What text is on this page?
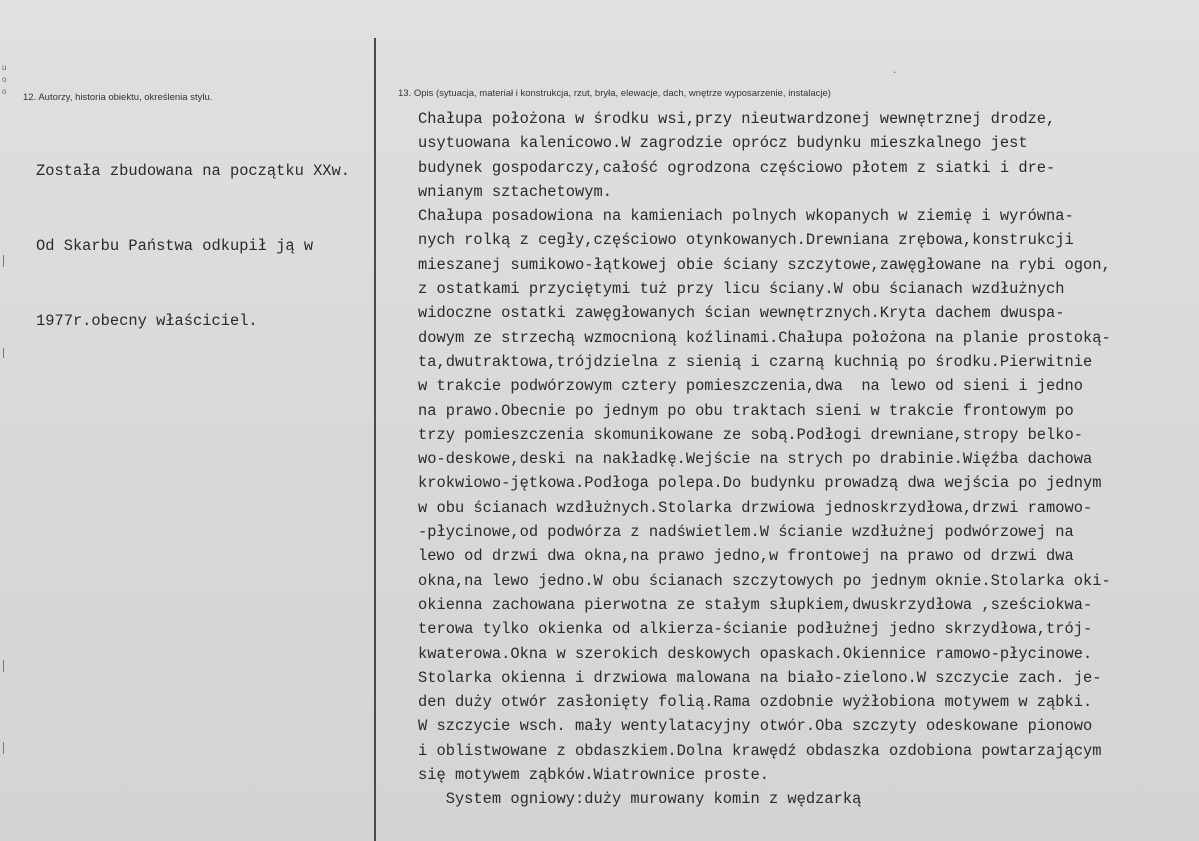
u
o
o
·
12. Autorzy, historia obiektu, określenia stylu.

Została zbudowana na początku XXw.

Od Skarbu Państwa odkupił ją w

1977r.obecny właściciel.

13. Opis (sytuacja, materiał i konstrukcja, rzut, bryła, elewacje, dach, wnętrze wyposarzenie, instalacje)
Chałupa położona w środku wsi,przy nieutwardzonej wewnętrznej drodze,
usytuowana kalenicowo.W zagrodzie oprócz budynku mieszkalnego jest
budynek gospodarczy,całość ogrodzona częściowo płotem z siatki i dre-
wnianym sztachetowym.
Chałupa posadowiona na kamieniach polnych wkopanych w ziemię i wyrówna-
nych rolką z cegły,częściowo otynkowanych.Drewniana zrębowa,konstrukcji
mieszanej sumikowo-łątkowej obie ściany szczytowe,zawęgłowane na rybi ogon,
z ostatkami przyciętymi tuż przy licu ściany.W obu ścianach wzdłużnych
widoczne ostatki zawęgłowanych ścian wewnętrznych.Kryta dachem dwuspa-
dowym ze strzechą wzmocnioną koźlinami.Chałupa położona na planie prostoką-
ta,dwutraktowa,trójdzielna z sienią i czarną kuchnią po środku.Pierwitnie
w trakcie podwórzowym cztery pomieszczenia,dwa  na lewo od sieni i jedno
na prawo.Obecnie po jednym po obu traktach sieni w trakcie frontowym po
trzy pomieszczenia skomunikowane ze sobą.Podłogi drewniane,stropy belko-
wo-deskowe,deski na nakładkę.Wejście na strych po drabinie.Więźba dachowa
krokwiowo-jętkowa.Podłoga polepa.Do budynku prowadzą dwa wejścia po jednym
w obu ścianach wzdłużnych.Stolarka drzwiowa jednoskrzydłowa,drzwi ramowo-
-płycinowe,od podwórza z nadświetlem.W ścianie wzdłużnej podwórzowej na
lewo od drzwi dwa okna,na prawo jedno,w frontowej na prawo od drzwi dwa
okna,na lewo jedno.W obu ścianach szczytowych po jednym oknie.Stolarka oki-
okienna zachowana pierwotna ze stałym słupkiem,dwuskrzydłowa ,sześciokwa-
terowa tylko okienka od alkierza-ścianie podłużnej jedno skrzydłowa,trój-
kwaterowa.Okna w szerokich deskowych opaskach.Okiennice ramowo-płycinowe.
Stolarka okienna i drzwiowa malowana na biało-zielono.W szczycie zach. je-
den duży otwór zasłonięty folią.Rama ozdobnie wyżłobiona motywem w ząbki.
W szczycie wsch. mały wentylatacyjny otwór.Oba szczyty odeskowane pionowo
i oblistwowane z obdaszkiem.Dolna krawędź obdaszka ozdobiona powtarzającym
się motywem ząbków.Wiatrownice proste.
System ogniowy:duży murowany komin z wędzarką
